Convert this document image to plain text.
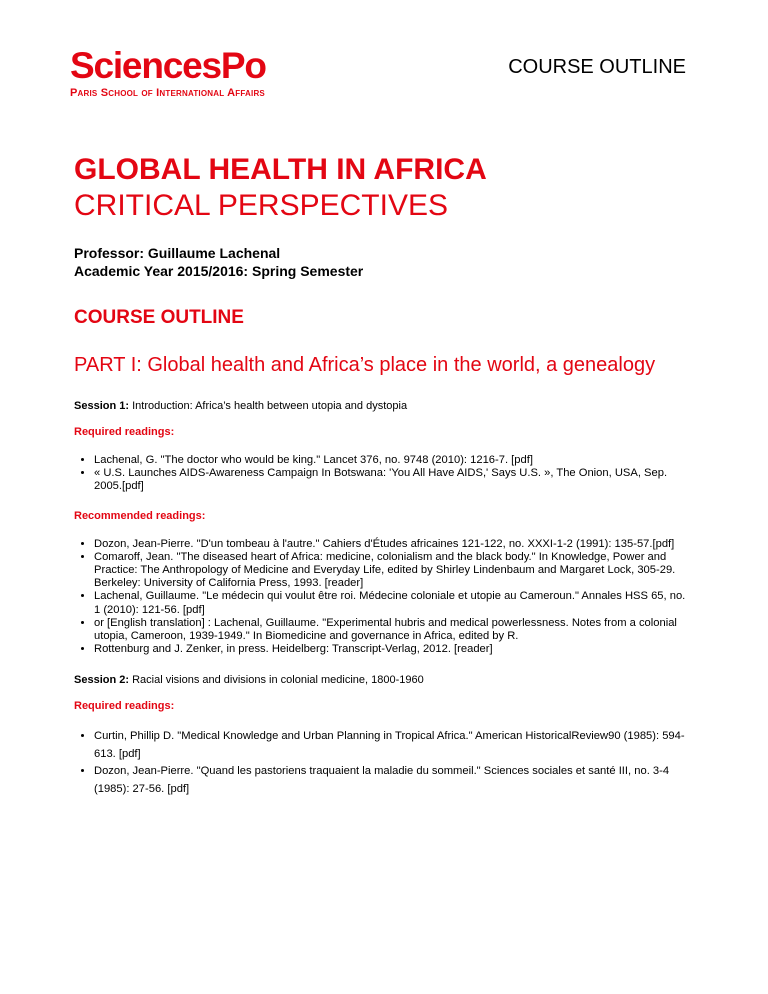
SciencesPo
Paris School of International Affairs
COURSE OUTLINE
GLOBAL HEALTH IN AFRICA
CRITICAL PERSPECTIVES
Professor: Guillaume Lachenal
Academic Year 2015/2016: Spring Semester
COURSE OUTLINE
PART I: Global health and Africa’s place in the world, a genealogy
Session 1: Introduction: Africa’s health between utopia and dystopia
Required readings:
• Lachenal, G. "The doctor who would be king." Lancet 376, no. 9748 (2010): 1216-7. [pdf]
• « U.S. Launches AIDS-Awareness Campaign In Botswana: 'You All Have AIDS,' Says U.S. », The Onion, USA, Sep. 2005.[pdf]
Recommended readings:
• Dozon, Jean-Pierre. "D'un tombeau à l'autre." Cahiers d'Études africaines 121-122, no. XXXI-1-2 (1991): 135-57.[pdf]
• Comaroff, Jean. "The diseased heart of Africa: medicine, colonialism and the black body." In Knowledge, Power and Practice: The Anthropology of Medicine and Everyday Life, edited by Shirley Lindenbaum and Margaret Lock, 305-29. Berkeley: University of California Press, 1993. [reader]
• Lachenal, Guillaume. "Le médecin qui voulut être roi. Médecine coloniale et utopie au Cameroun." Annales HSS 65, no. 1 (2010): 121-56. [pdf]
• or [English translation] : Lachenal, Guillaume. "Experimental hubris and medical powerlessness. Notes from a colonial utopia, Cameroon, 1939-1949." In Biomedicine and governance in Africa, edited by R.
• Rottenburg and J. Zenker, in press. Heidelberg: Transcript-Verlag, 2012. [reader]
Session 2: Racial visions and divisions in colonial medicine, 1800-1960
Required readings:
• Curtin, Phillip D. "Medical Knowledge and Urban Planning in Tropical Africa." American HistoricalReview90 (1985): 594-613. [pdf]
• Dozon, Jean-Pierre. "Quand les pastoriens traquaient la maladie du sommeil." Sciences sociales et santé III, no. 3-4 (1985): 27-56. [pdf]
